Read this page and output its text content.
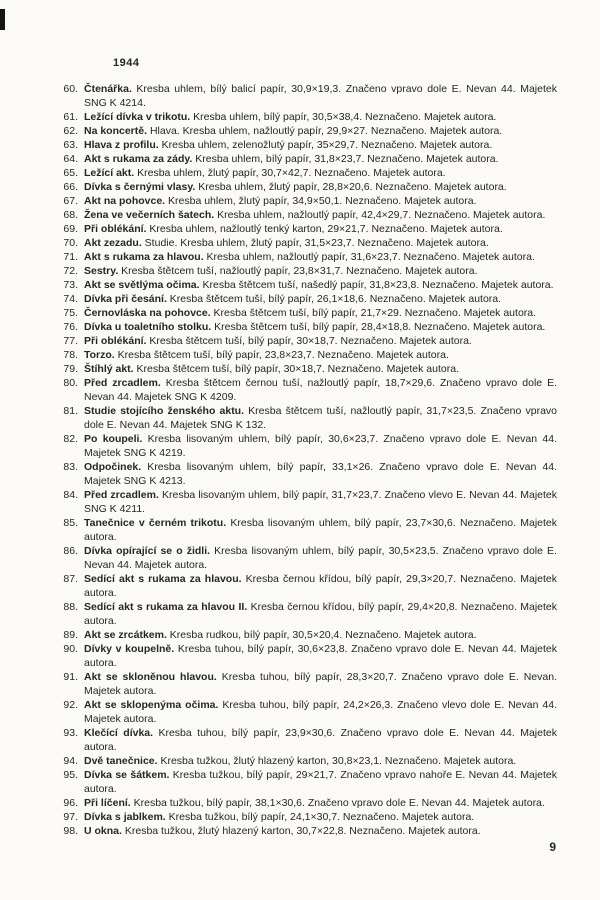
1944
60. Čtenářka. Kresba uhlem, bílý balicí papír, 30,9×19,3. Značeno vpravo dole E. Nevan 44. Majetek SNG K 4214.
61. Ležící dívka v trikotu. Kresba uhlem, bílý papír, 30,5×38,4. Neznačeno. Majetek autora.
62. Na koncertě. Hlava. Kresba uhlem, nažloutlý papír, 29,9×27. Neznačeno. Majetek autora.
63. Hlava z profilu. Kresba uhlem, zelenožlutý papír, 35×29,7. Neznačeno. Majetek autora.
64. Akt s rukama za zády. Kresba uhlem, bílý papír, 31,8×23,7. Neznačeno. Majetek autora.
65. Ležící akt. Kresba uhlem, žlutý papír, 30,7×42,7. Neznačeno. Majetek autora.
66. Dívka s černými vlasy. Kresba uhlem, žlutý papír, 28,8×20,6. Neznačeno. Majetek autora.
67. Akt na pohovce. Kresba uhlem, žlutý papír, 34,9×50,1. Neznačeno. Majetek autora.
68. Žena ve večerních šatech. Kresba uhlem, nažloutlý papír, 42,4×29,7. Neznačeno. Majetek autora.
69. Při oblékání. Kresba uhlem, nažloutlý tenký karton, 29×21,7. Neznačeno. Majetek autora.
70. Akt zezadu. Studie. Kresba uhlem, žlutý papír, 31,5×23,7. Neznačeno. Majetek autora.
71. Akt s rukama za hlavou. Kresba uhlem, nažloutlý papír, 31,6×23,7. Neznačeno. Majetek autora.
72. Sestry. Kresba štětcem tuší, nažloutlý papír, 23,8×31,7. Neznačeno. Majetek autora.
73. Akt se světlýma očima. Kresba štětcem tuší, našedlý papír, 31,8×23,8. Neznačeno. Majetek autora.
74. Dívka při česání. Kresba štětcem tuší, bílý papír, 26,1×18,6. Neznačeno. Majetek autora.
75. Černovláska na pohovce. Kresba štětcem tuší, bílý papír, 21,7×29. Neznačeno. Majetek autora.
76. Dívka u toaletního stolku. Kresba štětcem tuší, bílý papír, 28,4×18,8. Neznačeno. Majetek autora.
77. Při oblékání. Kresba štětcem tuší, bílý papír, 30×18,7. Neznačeno. Majetek autora.
78. Torzo. Kresba štětcem tuší, bílý papír, 23,8×23,7. Neznačeno. Majetek autora.
79. Štíhlý akt. Kresba štětcem tuší, bílý papír, 30×18,7. Neznačeno. Majetek autora.
80. Před zrcadlem. Kresba štětcem černou tuší, nažloutlý papír, 18,7×29,6. Značeno vpravo dole E. Nevan 44. Majetek SNG K 4209.
81. Studie stojícího ženského aktu. Kresba štětcem tuší, nažloutlý papír, 31,7×23,5. Značeno vpravo dole E. Nevan 44. Majetek SNG K 132.
82. Po koupeli. Kresba lisovaným uhlem, bílý papír, 30,6×23,7. Značeno vpravo dole E. Nevan 44. Majetek SNG K 4219.
83. Odpočinek. Kresba lisovaným uhlem, bílý papír, 33,1×26. Značeno vpravo dole E. Nevan 44. Majetek SNG K 4213.
84. Před zrcadlem. Kresba lisovaným uhlem, bílý papír, 31,7×23,7. Značeno vlevo E. Nevan 44. Majetek SNG K 4211.
85. Tanečnice v černém trikotu. Kresba lisovaným uhlem, bílý papír, 23,7×30,6. Neznačeno. Majetek autora.
86. Dívka opírající se o židli. Kresba lisovaným uhlem, bílý papír, 30,5×23,5. Značeno vpravo dole E. Nevan 44. Majetek autora.
87. Sedící akt s rukama za hlavou. Kresba černou křídou, bílý papír, 29,3×20,7. Neznačeno. Majetek autora.
88. Sedící akt s rukama za hlavou II. Kresba černou křídou, bílý papír, 29,4×20,8. Neznačeno. Majetek autora.
89. Akt se zrcátkem. Kresba rudkou, bílý papír, 30,5×20,4. Neznačeno. Majetek autora.
90. Dívky v koupelně. Kresba tuhou, bílý papír, 30,6×23,8. Značeno vpravo dole E. Nevan 44. Majetek autora.
91. Akt se skloněnou hlavou. Kresba tuhou, bílý papír, 28,3×20,7. Značeno vpravo dole E. Nevan. Majetek autora.
92. Akt se sklopenýma očima. Kresba tuhou, bílý papír, 24,2×26,3. Značeno vlevo dole E. Nevan 44. Majetek autora.
93. Klečící dívka. Kresba tuhou, bílý papír, 23,9×30,6. Značeno vpravo dole E. Nevan 44. Majetek autora.
94. Dvě tanečnice. Kresba tužkou, žlutý hlazený karton, 30,8×23,1. Neznačeno. Majetek autora.
95. Dívka se šátkem. Kresba tužkou, bílý papír, 29×21,7. Značeno vpravo nahoře E. Nevan 44. Majetek autora.
96. Při líčení. Kresba tužkou, bílý papír, 38,1×30,6. Značeno vpravo dole E. Nevan 44. Majetek autora.
97. Dívka s jablkem. Kresba tužkou, bílý papír, 24,1×30,7. Neznačeno. Majetek autora.
98. U okna. Kresba tužkou, žlutý hlazený karton, 30,7×22,8. Neznačeno. Majetek autora.
9
